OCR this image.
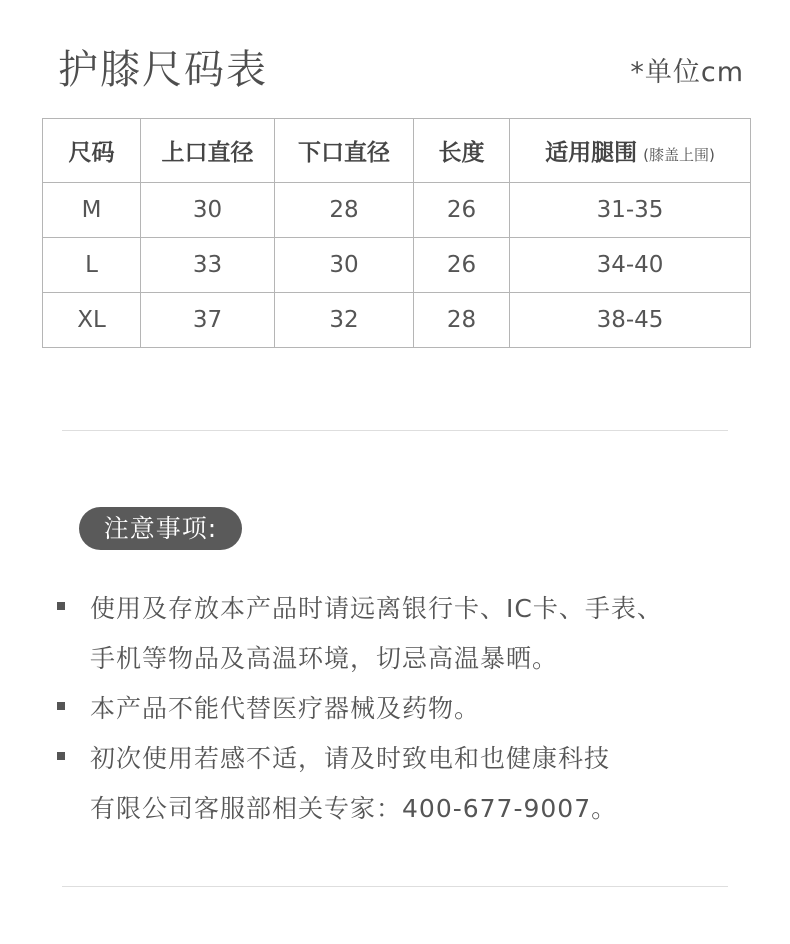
护膝尺码表	*单位cm
尺码	上口直径	下口直径	长度	适用腿围 (膝盖上围)
M	30	28	26	31-35
L	33	30	26	34-40
XL	37	32	28	38-45
注意事项:
使用及存放本产品时请远离银行卡、IC卡、手表、
手机等物品及高温环境，切忌高温暴晒。
本产品不能代替医疗器械及药物。
初次使用若感不适，请及时致电和也健康科技
有限公司客服部相关专家：400-677-9007。
